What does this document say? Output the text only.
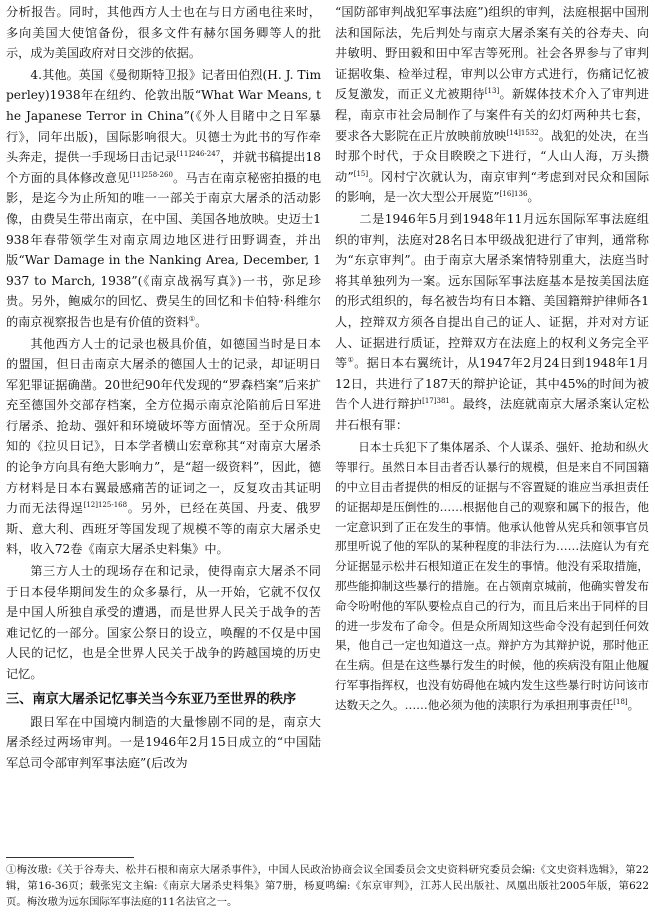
分析报告。同时，其他西方人士也在与日方函电往来时，多向美国大使馆备份，很多文件有赫尔国务卿等人的批示，成为美国政府对日交涉的依据。

4.其他。英国《曼彻斯特卫报》记者田伯烈(H. J. Timperley)1938年在纽约、伦敦出版“What War Means, the Japanese Terror in China”(《外人目睹中之日军暴行》，同年出版)，国际影响很大。贝德士为此书的写作牵头奔走，提供一手现场日击记录$^{[11]246-247}$，并就书稿提出18个方面的具体修改意见$^{[11]258-260}$。马吉在南京秘密拍摄的电影，是迄今为止所知的唯一一部关于南京大屠杀的活动影像，由费吴生带出南京，在中国、美国各地放映。史迈士1938年春带领学生对南京周边地区进行田野调查，并出版“War Damage in the Nanking Area, December, 1937 to March, 1938”(《南京战祸写真》)一书，弥足珍贵。另外，鲍威尔的回忆、费吴生的回忆和卡伯特·科维尔的南京视察报告也是有价值的资料①。

其他西方人士的记录也极具价值，如德国当时是日本的盟国，但日击南京大屠杀的德国人士的记录，却证明日军犯罪证据确凿。20世纪90年代发现的“罗森档案”后来扩充至德国外交部存档案，全方位揭示南京沦陷前后日军进行屠杀、抢劫、强奸和环境破坏等方面情况。至于众所周知的《拉贝日记》，日本学者横山宏章称其“对南京大屠杀的论争方向具有绝大影响力”，是“超一级资料”，因此，德方材料是日本右翼最感痛苦的证词之一，反复攻击其证明力而无法得逞$^{[12]125-168}$。另外，已经在英国、丹麦、俄罗斯、意大利、西班牙等国发现了规模不等的南京大屠杀史料，收入72卷《南京大屠杀史料集》中。

第三方人士的现场存在和记录，使得南京大屠杀不同于日本侵华期间发生的众多暴行，从一开始，它就不仅仅是中国人所独自承受的遭遇，而是世界人民关于战争的苦难记忆的一部分。国家公祭日的设立，唤醒的不仅是中国人民的记忆，也是全世界人民关于战争的跨越国境的历史记忆。

三、南京大屠杀记忆事关当今东亚乃至世界的秩序

跟日军在中国境内制造的大量惨剧不同的是，南京大屠杀经过两场审判。一是1946年2月15日成立的“中国陆军总司令部审判军事法庭”(后改为

“国防部审判战犯军事法庭”)组织的审判，法庭根据中国刑法和国际法，先后判处与南京大屠杀案有关的谷寿夫、向井敏明、野田毅和田中军吉等死刑。社会各界参与了审判证据收集、检举过程，审判以公审方式进行，伤痛记忆被反复激发，而正义尤被期待[13]。新媒体技术介入了审判进程，南京市社会局制作了与案件有关的幻灯两种共七套，要求各大影院在正片放映前放映$^{[14]1532}$。战犯的处决，在当时那个时代，于众目睽睽之下进行，“人山人海，万头攒动”[15]。冈村宁次就认为，南京审判“考虑到对民众和国际的影响，是一次大型公开展览”$^{[16]136}$。

二是1946年5月到1948年11月远东国际军事法庭组织的审判，法庭对28名日本甲级战犯进行了审判，通常称为“东京审判”。由于南京大屠杀案情特别重大，法庭当时将其单独列为一案。远东国际军事法庭基本是按美国法庭的形式组织的，每名被告均有日本籍、美国籍辩护律师各1人，控辩双方须各自提出自己的证人、证据，并对对方证人、证据进行质证，控辩双方在法庭上的权利义务完全平等①。据日本右翼统计，从1947年2月24日到1948年1月12日，共进行了187天的辩护论证，其中45%的时间为被告个人进行辩护$^{[17]381}$。最终，法庭就南京大屠杀案认定松井石根有罪：

日本士兵犯下了集体屠杀、个人谋杀、强奸、抢劫和纵火等罪行。虽然日本目击者否认暴行的规模，但是来自不同国籍的中立目击者提供的相反的证据与不容置疑的谁应当承担责任的证据却是压倒性的……根据他自己的观察和属下的报告，他一定意识到了正在发生的事情。他承认他曾从宪兵和领事官员那里听说了他的军队的某种程度的非法行为……法庭认为有充分证据显示松井石根知道正在发生的事情。他没有采取措施，那些能抑制这些暴行的措施。在占领南京城前，他确实曾发布命令吩咐他的军队要检点自己的行为，而且后来出于同样的目的进一步发布了命令。但是众所周知这些命令没有起到任何效果，他自己一定也知道这一点。辩护方为其辩护说，那时他正在生病。但是在这些暴行发生的时候，他的疾病没有阻止他履行军事指挥权，也没有妨碍他在城内发生这些暴行时访问该市达数天之久。……他必须为他的渎职行为承担刑事责任[18]。

①梅汝璈:《关于谷寿夫、松井石根和南京大屠杀事件》，中国人民政治协商会议全国委员会文史资料研究委员会编:《文史资料选辑》，第22辑，第16-36页；载张宪文主编:《南京大屠杀史料集》第7册，杨夏鸣编:《东京审判》，江苏人民出版社、凤凰出版社2005年版，第622页。梅汝璈为远东国际军事法庭的11名法官之一。
